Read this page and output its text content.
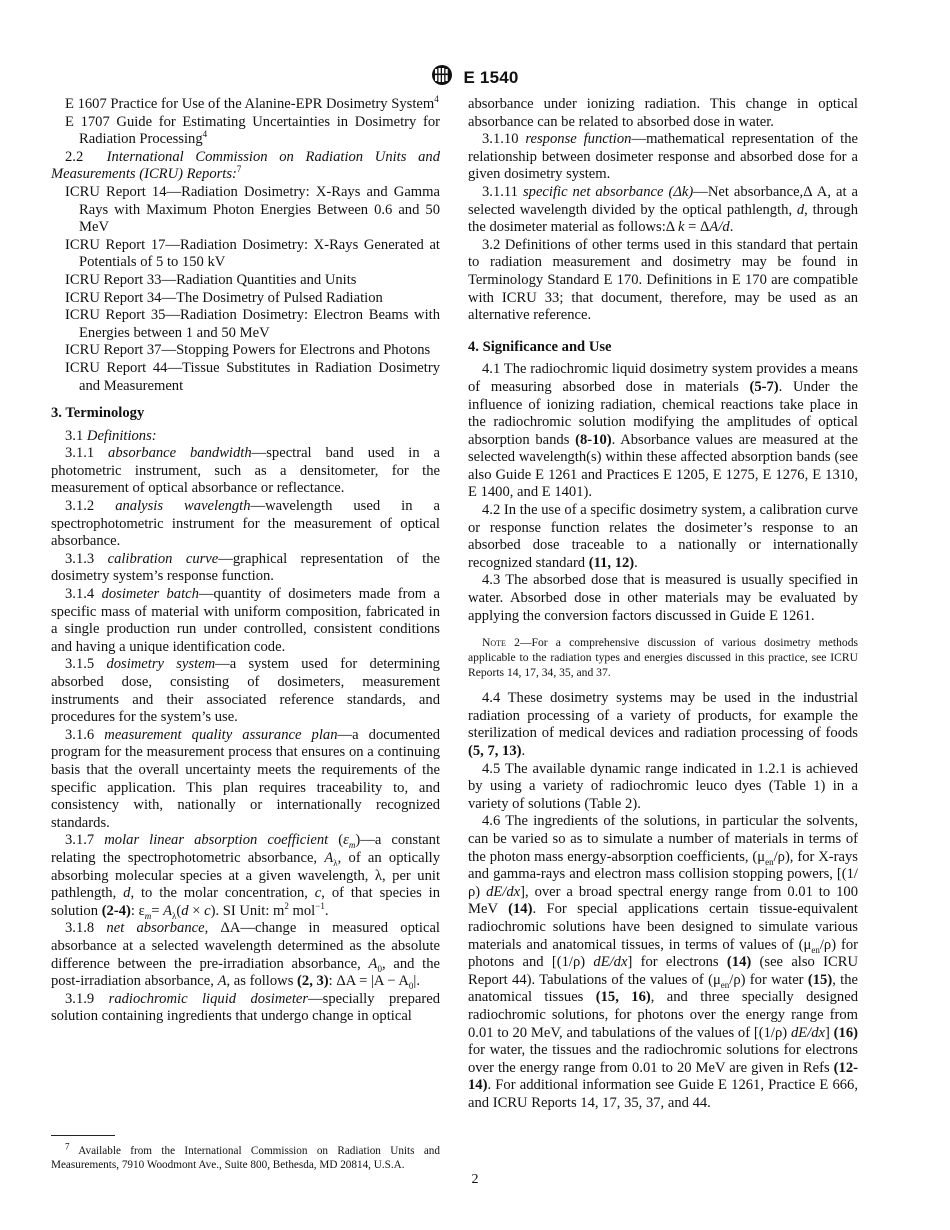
E 1540

E 1607 Practice for Use of the Alanine-EPR Dosimetry System$^4$

E 1707 Guide for Estimating Uncertainties in Dosimetry for Radiation Processing$^4$

2.2 International Commission on Radiation Units and Measurements (ICRU) Reports:$^7$

ICRU Report 14—Radiation Dosimetry: X-Rays and Gamma Rays with Maximum Photon Energies Between 0.6 and 50 MeV

ICRU Report 17—Radiation Dosimetry: X-Rays Generated at Potentials of 5 to 150 kV

ICRU Report 33—Radiation Quantities and Units

ICRU Report 34—The Dosimetry of Pulsed Radiation

ICRU Report 35—Radiation Dosimetry: Electron Beams with Energies between 1 and 50 MeV

ICRU Report 37—Stopping Powers for Electrons and Photons

ICRU Report 44—Tissue Substitutes in Radiation Dosimetry and Measurement

3. Terminology

3.1 Definitions:

3.1.1 absorbance bandwidth—spectral band used in a photometric instrument, such as a densitometer, for the measurement of optical absorbance or reflectance.

3.1.2 analysis wavelength—wavelength used in a spectrophotometric instrument for the measurement of optical absorbance.

3.1.3 calibration curve—graphical representation of the dosimetry system’s response function.

3.1.4 dosimeter batch—quantity of dosimeters made from a specific mass of material with uniform composition, fabricated in a single production run under controlled, consistent conditions and having a unique identification code.

3.1.5 dosimetry system—a system used for determining absorbed dose, consisting of dosimeters, measurement instruments and their associated reference standards, and procedures for the system’s use.

3.1.6 measurement quality assurance plan—a documented program for the measurement process that ensures on a continuing basis that the overall uncertainty meets the requirements of the specific application. This plan requires traceability to, and consistency with, nationally or internationally recognized standards.

3.1.7 molar linear absorption coefficient $(\varepsilon_m)—a$ constant relating the spectrophotometric absorbance, $A_\lambda$, of an optically absorbing molecular species at a given wavelength, λ, per unit pathlength, d, to the molar concentration, c, of that species in solution (2-4): $\varepsilon_m= A_\lambda(d \times c)$. SI Unit: $m^2$ mol$^{-1}$.

3.1.8 net absorbance, ΔA—change in measured optical absorbance at a selected wavelength determined as the absolute difference between the pre-irradiation absorbance, $A_0$, and the post-irradiation absorbance, A, as follows (2, 3): $\Delta A = |A - A_0|$.

3.1.9 radiochromic liquid dosimeter—specially prepared solution containing ingredients that undergo change in optical

$^7$ Available from the International Commission on Radiation Units and Measurements, 7910 Woodmont Ave., Suite 800, Bethesda, MD 20814, U.S.A.

absorbance under ionizing radiation. This change in optical absorbance can be related to absorbed dose in water.

3.1.10 response function—mathematical representation of the relationship between dosimeter response and absorbed dose for a given dosimetry system.

3.1.11 specific net absorbance (Δk)—Net absorbance,Δ A, at a selected wavelength divided by the optical pathlength, d, through the dosimeter material as follows:Δ k = ΔA/d.

3.2 Definitions of other terms used in this standard that pertain to radiation measurement and dosimetry may be found in Terminology Standard E 170. Definitions in E 170 are compatible with ICRU 33; that document, therefore, may be used as an alternative reference.

4. Significance and Use

4.1 The radiochromic liquid dosimetry system provides a means of measuring absorbed dose in materials (5-7). Under the influence of ionizing radiation, chemical reactions take place in the radiochromic solution modifying the amplitudes of optical absorption bands (8-10). Absorbance values are measured at the selected wavelength(s) within these affected absorption bands (see also Guide E 1261 and Practices E 1205, E 1275, E 1276, E 1310, E 1400, and E 1401).

4.2 In the use of a specific dosimetry system, a calibration curve or response function relates the dosimeter’s response to an absorbed dose traceable to a nationally or internationally recognized standard (11, 12).

4.3 The absorbed dose that is measured is usually specified in water. Absorbed dose in other materials may be evaluated by applying the conversion factors discussed in Guide E 1261.

Note 2—For a comprehensive discussion of various dosimetry methods applicable to the radiation types and energies discussed in this practice, see ICRU Reports 14, 17, 34, 35, and 37.

4.4 These dosimetry systems may be used in the industrial radiation processing of a variety of products, for example the sterilization of medical devices and radiation processing of foods (5, 7, 13).

4.5 The available dynamic range indicated in 1.2.1 is achieved by using a variety of radiochromic leuco dyes (Table 1) in a variety of solutions (Table 2).

4.6 The ingredients of the solutions, in particular the solvents, can be varied so as to simulate a number of materials in terms of the photon mass energy-absorption coefficients, $(\mu_{en}/\rho)$, for X-rays and gamma-rays and electron mass collision stopping powers, [(1/ρ) dE/dx], over a broad spectral energy range from 0.01 to 100 MeV (14). For special applications certain tissue-equivalent radiochromic solutions have been designed to simulate various materials and anatomical tissues, in terms of values of $(\mu_{en}/\rho)$ for photons and [(1/ρ) dE/dx] for electrons (14) (see also ICRU Report 44). Tabulations of the values of $(\mu_{en}/\rho)$ for water (15), the anatomical tissues (15, 16), and three specially designed radiochromic solutions, for photons over the energy range from 0.01 to 20 MeV, and tabulations of the values of [(1/ρ) dE/dx] (16) for water, the tissues and the radiochromic solutions for electrons over the energy range from 0.01 to 20 MeV are given in Refs (12-14). For additional information see Guide E 1261, Practice E 666, and ICRU Reports 14, 17, 35, 37, and 44.

2
